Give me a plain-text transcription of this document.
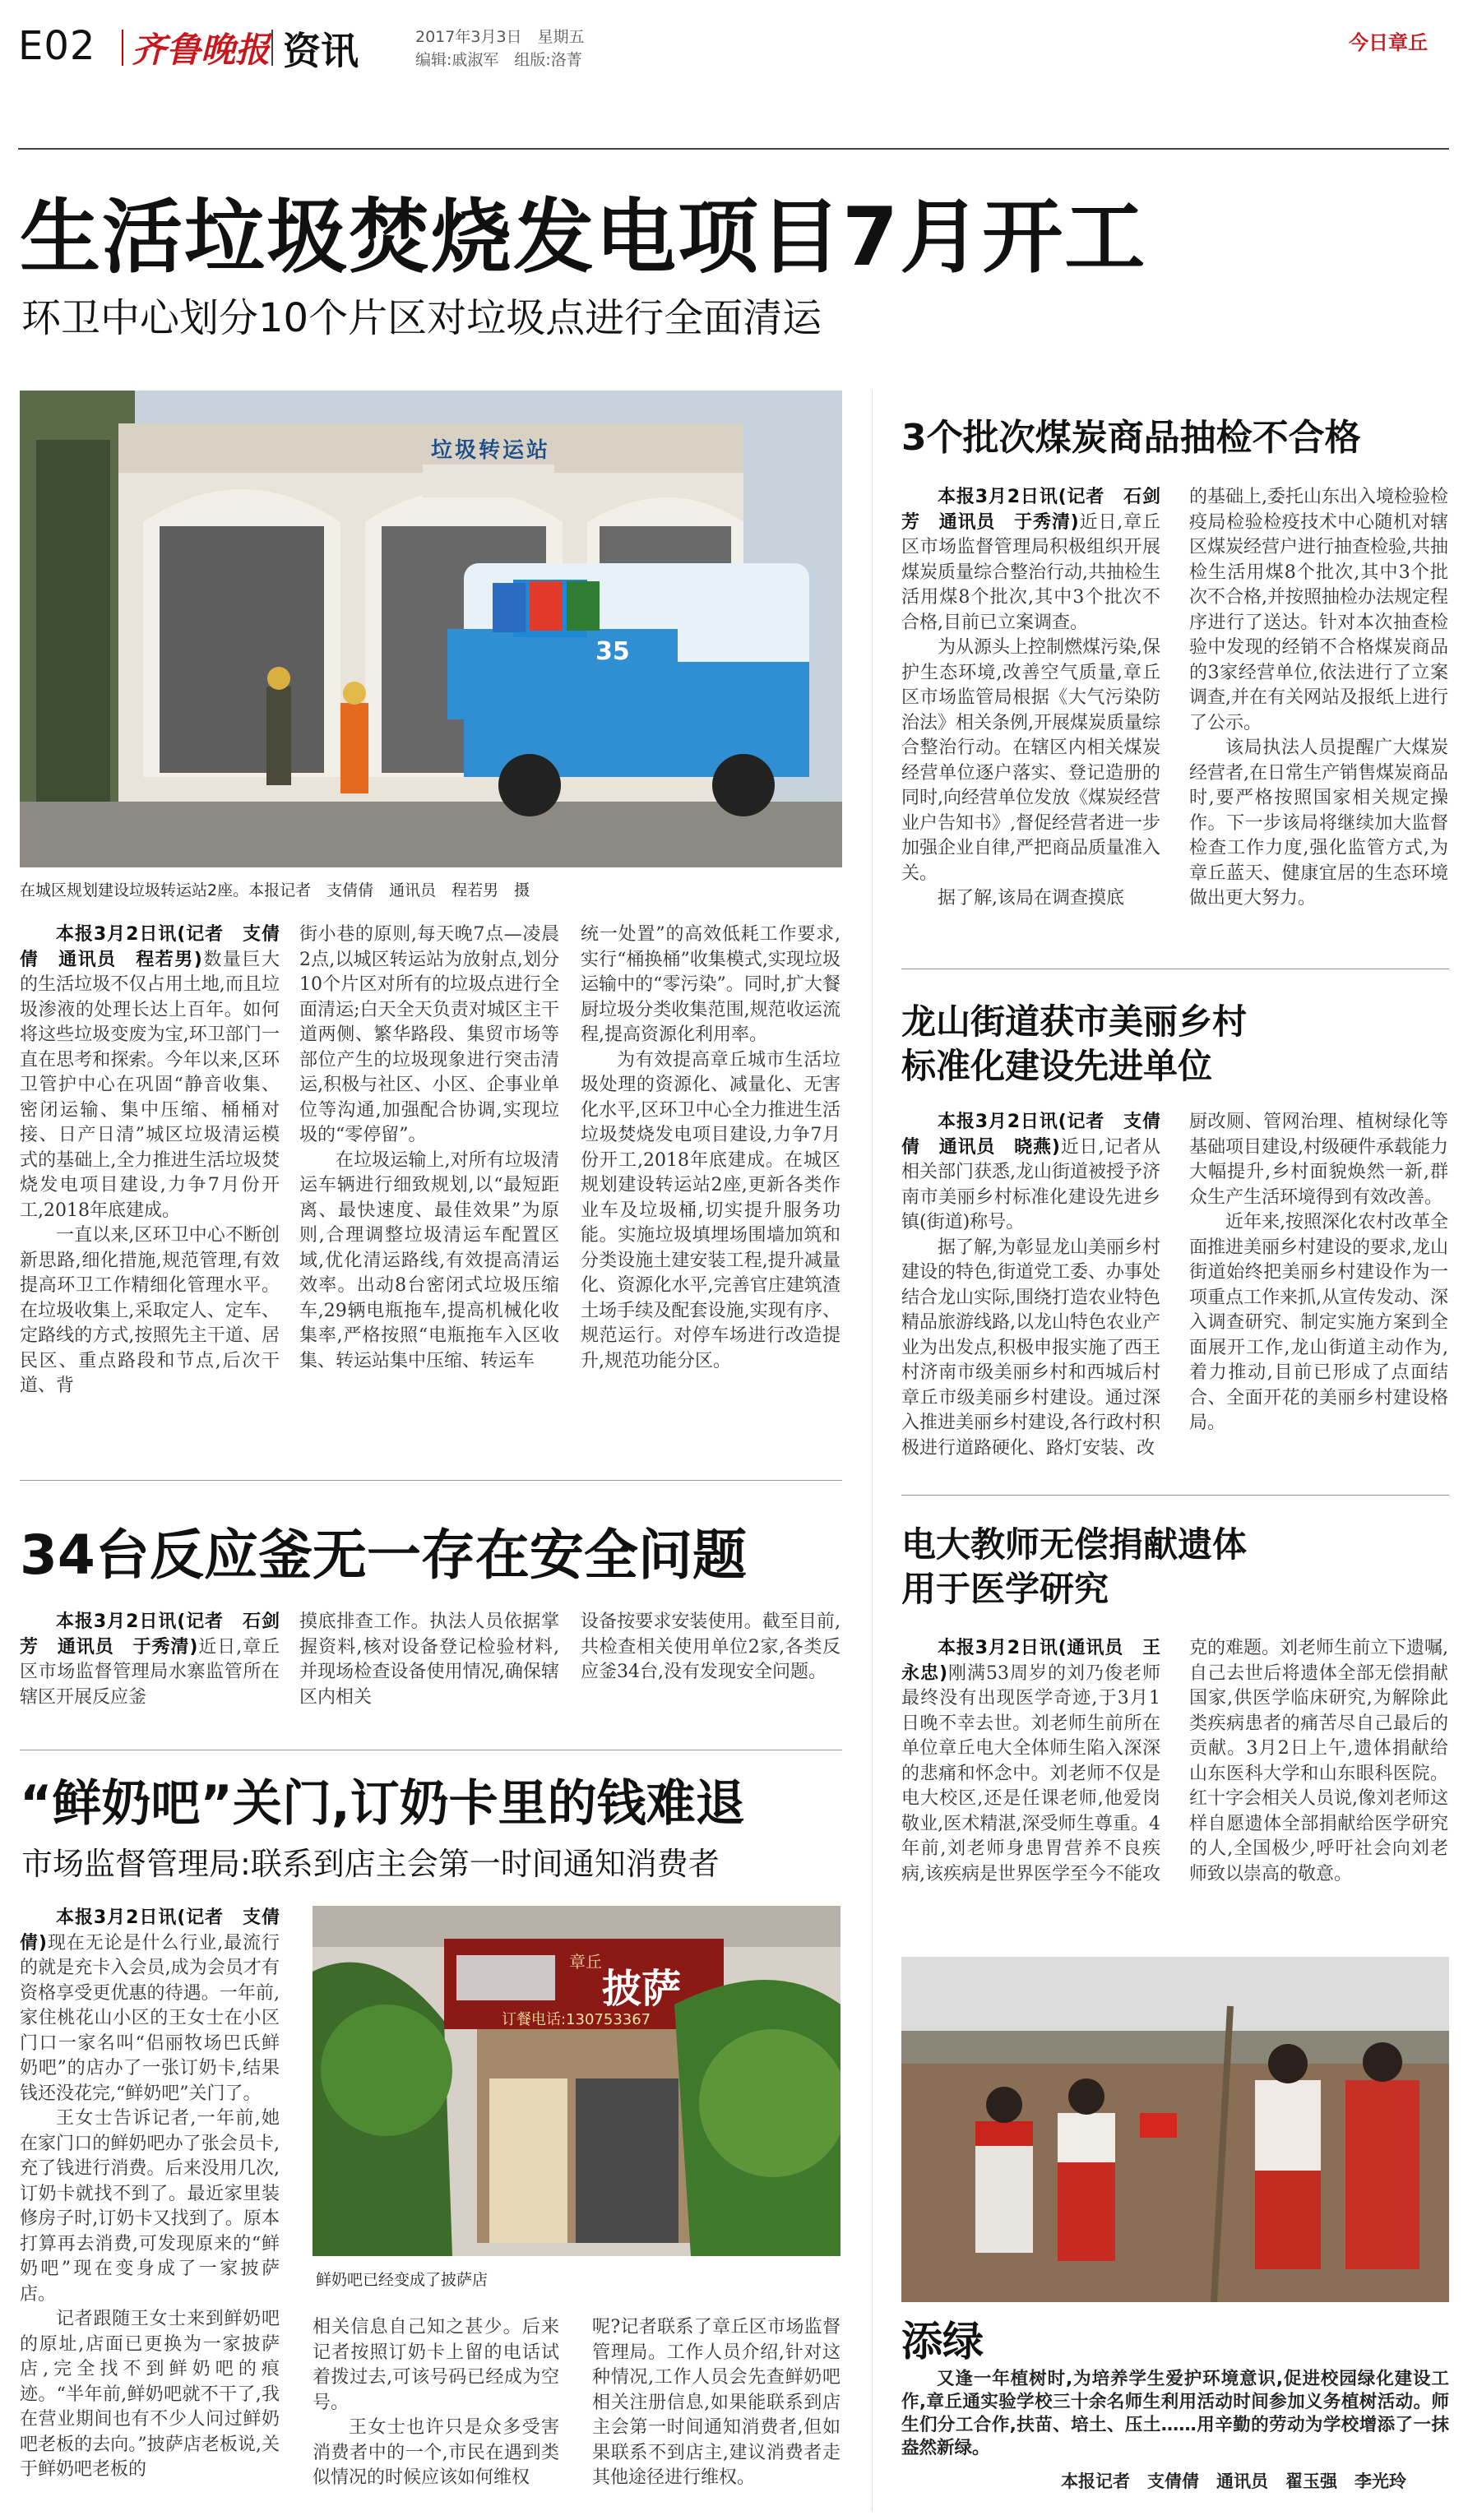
E02 齐鲁晚报 资讯	2017年3月3日　星期五
编辑:戚淑军　组版:洛菁
今日章丘
生活垃圾焚烧发电项目7月开工
环卫中心划分10个片区对垃圾点进行全面清运
垃圾转运站
35
在城区规划建设垃圾转运站2座。本报记者　支倩倩　通讯员　程若男　摄

本报3月2日讯(记者　支倩倩　通讯员　程若男)数量巨大的生活垃圾不仅占用土地,而且垃圾渗液的处理长达上百年。如何将这些垃圾变废为宝,环卫部门一直在思考和探索。今年以来,区环卫管护中心在巩固“静音收集、密闭运输、集中压缩、桶桶对接、日产日清”城区垃圾清运模式的基础上,全力推进生活垃圾焚烧发电项目建设,力争7月份开工,2018年底建成。

一直以来,区环卫中心不断创新思路,细化措施,规范管理,有效提高环卫工作精细化管理水平。在垃圾收集上,采取定人、定车、定路线的方式,按照先主干道、居民区、重点路段和节点,后次干道、背

街小巷的原则,每天晚7点—凌晨2点,以城区转运站为放射点,划分10个片区对所有的垃圾点进行全面清运;白天全天负责对城区主干道两侧、繁华路段、集贸市场等部位产生的垃圾现象进行突击清运,积极与社区、小区、企事业单位等沟通,加强配合协调,实现垃圾的“零停留”。

在垃圾运输上,对所有垃圾清运车辆进行细致规划,以“最短距离、最快速度、最佳效果”为原则,合理调整垃圾清运车配置区域,优化清运路线,有效提高清运效率。出动8台密闭式垃圾压缩车,29辆电瓶拖车,提高机械化收集率,严格按照“电瓶拖车入区收集、转运站集中压缩、转运车

统一处置”的高效低耗工作要求,实行“桶换桶”收集模式,实现垃圾运输中的“零污染”。同时,扩大餐厨垃圾分类收集范围,规范收运流程,提高资源化利用率。

为有效提高章丘城市生活垃圾处理的资源化、减量化、无害化水平,区环卫中心全力推进生活垃圾焚烧发电项目建设,力争7月份开工,2018年底建成。在城区规划建设转运站2座,更新各类作业车及垃圾桶,切实提升服务功能。实施垃圾填埋场围墙加筑和分类设施土建安装工程,提升减量化、资源化水平,完善官庄建筑渣土场手续及配套设施,实现有序、规范运行。对停车场进行改造提升,规范功能分区。

3个批次煤炭商品抽检不合格

本报3月2日讯(记者　石剑芳　通讯员　于秀清)近日,章丘区市场监督管理局积极组织开展煤炭质量综合整治行动,共抽检生活用煤8个批次,其中3个批次不合格,目前已立案调查。

为从源头上控制燃煤污染,保护生态环境,改善空气质量,章丘区市场监管局根据《大气污染防治法》相关条例,开展煤炭质量综合整治行动。在辖区内相关煤炭经营单位逐户落实、登记造册的同时,向经营单位发放《煤炭经营业户告知书》,督促经营者进一步加强企业自律,严把商品质量准入关。

据了解,该局在调查摸底

的基础上,委托山东出入境检验检疫局检验检疫技术中心随机对辖区煤炭经营户进行抽查检验,共抽检生活用煤8个批次,其中3个批次不合格,并按照抽检办法规定程序进行了送达。针对本次抽查检验中发现的经销不合格煤炭商品的3家经营单位,依法进行了立案调查,并在有关网站及报纸上进行了公示。

该局执法人员提醒广大煤炭经营者,在日常生产销售煤炭商品时,要严格按照国家相关规定操作。下一步该局将继续加大监督检查工作力度,强化监管方式,为章丘蓝天、健康宜居的生态环境做出更大努力。

龙山街道获市美丽乡村
标准化建设先进单位

本报3月2日讯(记者　支倩倩　通讯员　晓燕)近日,记者从相关部门获悉,龙山街道被授予济南市美丽乡村标准化建设先进乡镇(街道)称号。

据了解,为彰显龙山美丽乡村建设的特色,街道党工委、办事处结合龙山实际,围绕打造农业特色精品旅游线路,以龙山特色农业产业为出发点,积极申报实施了西王村济南市级美丽乡村和西城后村章丘市级美丽乡村建设。通过深入推进美丽乡村建设,各行政村积极进行道路硬化、路灯安装、改

厨改厕、管网治理、植树绿化等基础项目建设,村级硬件承载能力大幅提升,乡村面貌焕然一新,群众生产生活环境得到有效改善。

近年来,按照深化农村改革全面推进美丽乡村建设的要求,龙山街道始终把美丽乡村建设作为一项重点工作来抓,从宣传发动、深入调查研究、制定实施方案到全面展开工作,龙山街道主动作为,着力推动,目前已形成了点面结合、全面开花的美丽乡村建设格局。

34台反应釜无一存在安全问题

本报3月2日讯(记者　石剑芳　通讯员　于秀清)近日,章丘区市场监督管理局水寨监管所在辖区开展反应釜

摸底排查工作。执法人员依据掌握资料,核对设备登记检验材料,并现场检查设备使用情况,确保辖区内相关

设备按要求安装使用。截至目前,共检查相关使用单位2家,各类反应釜34台,没有发现安全问题。

“鲜奶吧”关门,订奶卡里的钱难退
市场监督管理局:联系到店主会第一时间通知消费者

本报3月2日讯(记者　支倩倩)现在无论是什么行业,最流行的就是充卡入会员,成为会员才有资格享受更优惠的待遇。一年前,家住桃花山小区的王女士在小区门口一家名叫“侣丽牧场巴氏鲜奶吧”的店办了一张订奶卡,结果钱还没花完,“鲜奶吧”关门了。

王女士告诉记者,一年前,她在家门口的鲜奶吧办了张会员卡,充了钱进行消费。后来没用几次,订奶卡就找不到了。最近家里装修房子时,订奶卡又找到了。原本打算再去消费,可发现原来的“鲜奶吧”现在变身成了一家披萨店。

记者跟随王女士来到鲜奶吧的原址,店面已更换为一家披萨店,完全找不到鲜奶吧的痕迹。“半年前,鲜奶吧就不干了,我在营业期间也有不少人问过鲜奶吧老板的去向。”披萨店老板说,关于鲜奶吧老板的

披萨
章丘
订餐电话:130753367
鲜奶吧已经变成了披萨店

相关信息自己知之甚少。后来记者按照订奶卡上留的电话试着拨过去,可该号码已经成为空号。

王女士也许只是众多受害消费者中的一个,市民在遇到类似情况的时候应该如何维权

呢?记者联系了章丘区市场监督管理局。工作人员介绍,针对这种情况,工作人员会先查鲜奶吧相关注册信息,如果能联系到店主会第一时间通知消费者,但如果联系不到店主,建议消费者走其他途径进行维权。

电大教师无偿捐献遗体
用于医学研究

本报3月2日讯(通讯员　王永忠)刚满53周岁的刘乃俊老师最终没有出现医学奇迹,于3月1日晚不幸去世。刘老师生前所在单位章丘电大全体师生陷入深深的悲痛和怀念中。刘老师不仅是电大校区,还是任课老师,他爱岗敬业,医术精湛,深受师生尊重。4年前,刘老师身患胃营养不良疾病,该疾病是世界医学至今不能攻

克的难题。刘老师生前立下遗嘱,自己去世后将遗体全部无偿捐献国家,供医学临床研究,为解除此类疾病患者的痛苦尽自己最后的贡献。3月2日上午,遗体捐献给山东医科大学和山东眼科医院。红十字会相关人员说,像刘老师这样自愿遗体全部捐献给医学研究的人,全国极少,呼吁社会向刘老师致以崇高的敬意。

添绿
又逢一年植树时,为培养学生爱护环境意识,促进校园绿化建设工作,章丘通实验学校三十余名师生利用活动时间参加义务植树活动。师生们分工合作,扶苗、培土、压土……用辛勤的劳动为学校增添了一抹盎然新绿。
本报记者　支倩倩　通讯员　翟玉强　李光玲
